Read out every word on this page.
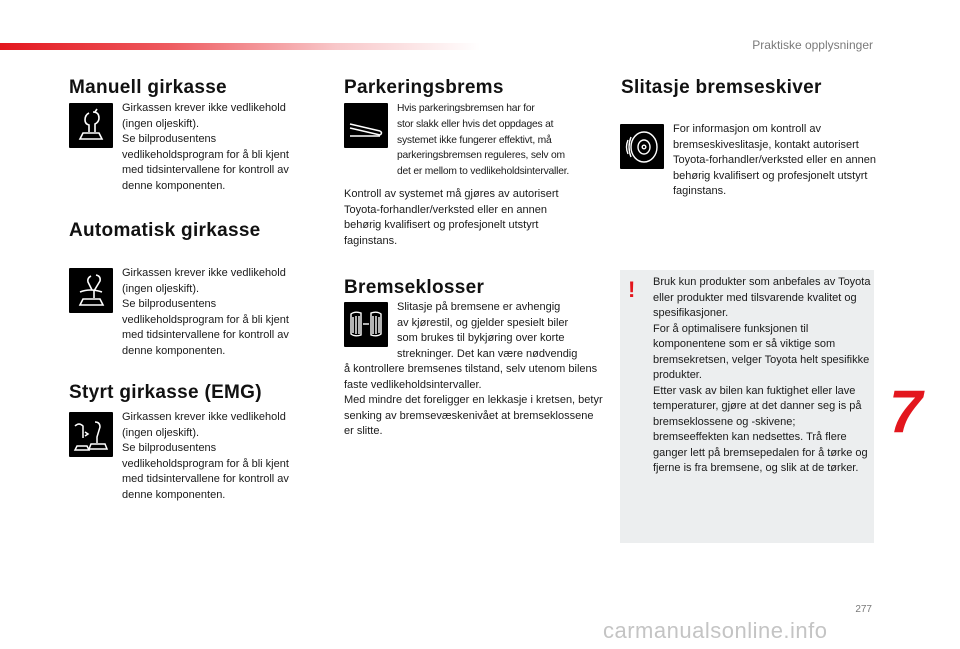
Praktiske opplysninger
7
277
carmanualsonline.info
Manuell girkasse

Girkassen krever ikke vedlikehold (ingen oljeskift).
Se bilprodusentens vedlikeholdsprogram for å bli kjent med tidsintervallene for kontroll av denne komponenten.

Automatisk girkasse

Girkassen krever ikke vedlikehold (ingen oljeskift).
Se bilprodusentens vedlikeholdsprogram for å bli kjent med tidsintervallene for kontroll av denne komponenten.

Styrt girkasse (EMG)

Girkassen krever ikke vedlikehold (ingen oljeskift).
Se bilprodusentens vedlikeholdsprogram for å bli kjent med tidsintervallene for kontroll av denne komponenten.

Parkeringsbrems
Hvis parkeringsbremsen har for
stor slakk eller hvis det oppdages at
systemet ikke fungerer effektivt, må
parkeringsbremsen reguleres, selv om
det er mellom to vedlikeholdsintervaller.

Kontroll av systemet må gjøres av autorisert Toyota-forhandler/verksted eller en annen behørig kvalifisert og profesjonelt utstyrt faginstans.

Bremseklosser
Slitasje på bremsene er avhengig
av kjørestil, og gjelder spesielt biler
som brukes til bykjøring over korte
strekninger. Det kan være nødvendig

å kontrollere bremsenes tilstand, selv utenom bilens faste vedlikeholdsintervaller.
Med mindre det foreligger en lekkasje i kretsen, betyr senking av bremsevæskenivået at bremseklossene er slitte.

Slitasje bremseskiver

For informasjon om kontroll av bremseskiveslitasje, kontakt autorisert Toyota-forhandler/verksted eller en annen behørig kvalifisert og profesjonelt utstyrt faginstans.

! Bruk kun produkter som anbefales av Toyota eller produkter med tilsvarende kvalitet og spesifikasjoner.
For å optimalisere funksjonen til komponentene som er så viktige som bremsekretsen, velger Toyota helt spesifikke produkter.
Etter vask av bilen kan fuktighet eller lave temperaturer, gjøre at det danner seg is på bremseklossene og -skivene; bremseeffekten kan nedsettes. Trå flere ganger lett på bremsepedalen for å tørke og fjerne is fra bremsene, og slik at de tørker.
